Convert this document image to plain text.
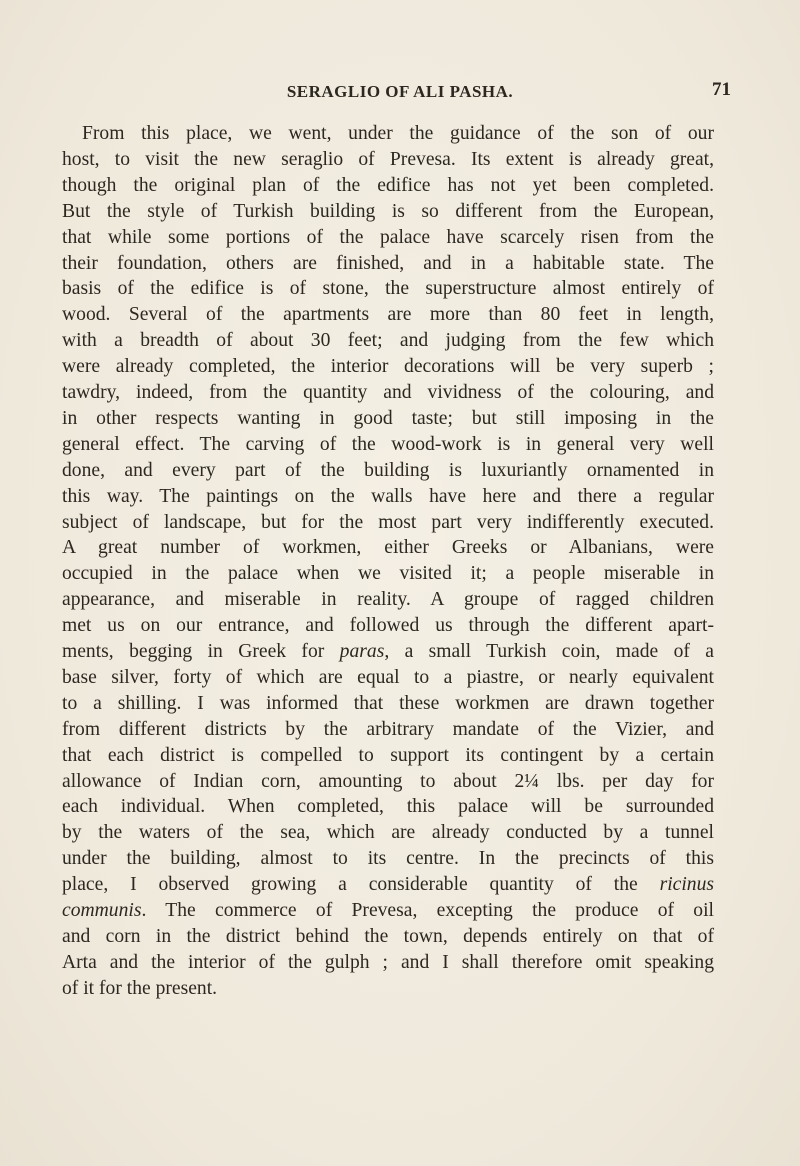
SERAGLIO OF ALI PASHA.	71
From this place, we went, under the guidance of the son of our
host, to visit the new seraglio of Prevesa. Its extent is already great,
though the original plan of the edifice has not yet been completed.
But the style of Turkish building is so different from the European,
that while some portions of the palace have scarcely risen from the
their foundation, others are finished, and in a habitable state. The
basis of the edifice is of stone, the superstructure almost entirely of
wood. Several of the apartments are more than 80 feet in length,
with a breadth of about 30 feet; and judging from the few which
were already completed, the interior decorations will be very superb ;
tawdry, indeed, from the quantity and vividness of the colouring, and
in other respects wanting in good taste; but still imposing in the
general effect. The carving of the wood-work is in general very well
done, and every part of the building is luxuriantly ornamented in
this way. The paintings on the walls have here and there a regular
subject of landscape, but for the most part very indifferently executed.
A great number of workmen, either Greeks or Albanians, were
occupied in the palace when we visited it; a people miserable in
appearance, and miserable in reality. A groupe of ragged children
met us on our entrance, and followed us through the different apart-
ments, begging in Greek for paras, a small Turkish coin, made of a
base silver, forty of which are equal to a piastre, or nearly equivalent
to a shilling. I was informed that these workmen are drawn together
from different districts by the arbitrary mandate of the Vizier, and
that each district is compelled to support its contingent by a certain
allowance of Indian corn, amounting to about 2¼ lbs. per day for
each individual. When completed, this palace will be surrounded
by the waters of the sea, which are already conducted by a tunnel
under the building, almost to its centre. In the precincts of this
place, I observed growing a considerable quantity of the ricinus
communis. The commerce of Prevesa, excepting the produce of oil
and corn in the district behind the town, depends entirely on that of
Arta and the interior of the gulph ; and I shall therefore omit speaking
of it for the present.
